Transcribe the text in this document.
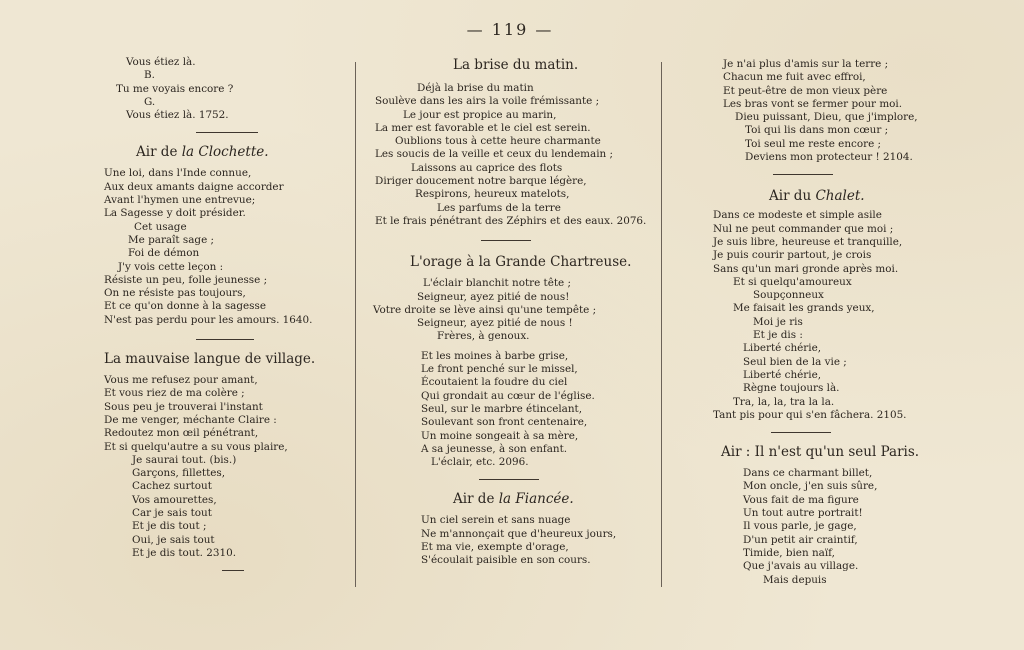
— 119 —
Vous étiez là.
B.
Tu me voyais encore ?
G.
Vous étiez là. 1752.
Air de la Clochette.
Une loi, dans l'Inde connue,
Aux deux amants daigne accorder
Avant l'hymen une entrevue;
La Sagesse y doit présider.
Cet usage
Me paraît sage ;
Foi de démon
J'y vois cette leçon :
Résiste un peu, folle jeunesse ;
On ne résiste pas toujours,
Et ce qu'on donne à la sagesse
N'est pas perdu pour les amours. 1640.
La mauvaise langue de village.
Vous me refusez pour amant,
Et vous riez de ma colère ;
Sous peu je trouverai l'instant
De me venger, méchante Claire :
Redoutez mon œil pénétrant,
Et si quelqu'autre a su vous plaire,
Je saurai tout. (bis.)
Garçons, fillettes,
Cachez surtout
Vos amourettes,
Car je sais tout
Et je dis tout ;
Oui, je sais tout
Et je dis tout. 2310.
La brise du matin.
Déjà la brise du matin
Soulève dans les airs la voile frémissante ;
Le jour est propice au marin,
La mer est favorable et le ciel est serein.
Oublions tous à cette heure charmante
Les soucis de la veille et ceux du lendemain ;
Laissons au caprice des flots
Diriger doucement notre barque légère,
Respirons, heureux matelots,
Les parfums de la terre
Et le frais pénétrant des Zéphirs et des eaux. 2076.
L'orage à la Grande Chartreuse.
L'éclair blanchit notre tête ;
Seigneur, ayez pitié de nous!
Votre droite se lève ainsi qu'une tempête ;
Seigneur, ayez pitié de nous !
Frères, à genoux.
Et les moines à barbe grise,
Le front penché sur le missel,
Écoutaient la foudre du ciel
Qui grondait au cœur de l'église.
Seul, sur le marbre étincelant,
Soulevant son front centenaire,
Un moine songeait à sa mère,
A sa jeunesse, à son enfant.
L'éclair, etc. 2096.
Air de la Fiancée.
Un ciel serein et sans nuage
Ne m'annonçait que d'heureux jours,
Et ma vie, exempte d'orage,
S'écoulait paisible en son cours.
Je n'ai plus d'amis sur la terre ;
Chacun me fuit avec effroi,
Et peut-être de mon vieux père
Les bras vont se fermer pour moi.
Dieu puissant, Dieu, que j'implore,
Toi qui lis dans mon cœur ;
Toi seul me reste encore ;
Deviens mon protecteur ! 2104.
Air du Chalet.
Dans ce modeste et simple asile
Nul ne peut commander que moi ;
Je suis libre, heureuse et tranquille,
Je puis courir partout, je crois
Sans qu'un mari gronde après moi.
Et si quelqu'amoureux
Soupçonneux
Me faisait les grands yeux,
Moi je ris
Et je dis :
Liberté chérie,
Seul bien de la vie ;
Liberté chérie,
Règne toujours là.
Tra, la, la, tra la la.
Tant pis pour qui s'en fâchera. 2105.
Air : Il n'est qu'un seul Paris.
Dans ce charmant billet,
Mon oncle, j'en suis sûre,
Vous fait de ma figure
Un tout autre portrait!
Il vous parle, je gage,
D'un petit air craintif,
Timide, bien naïf,
Que j'avais au village.
Mais depuis
